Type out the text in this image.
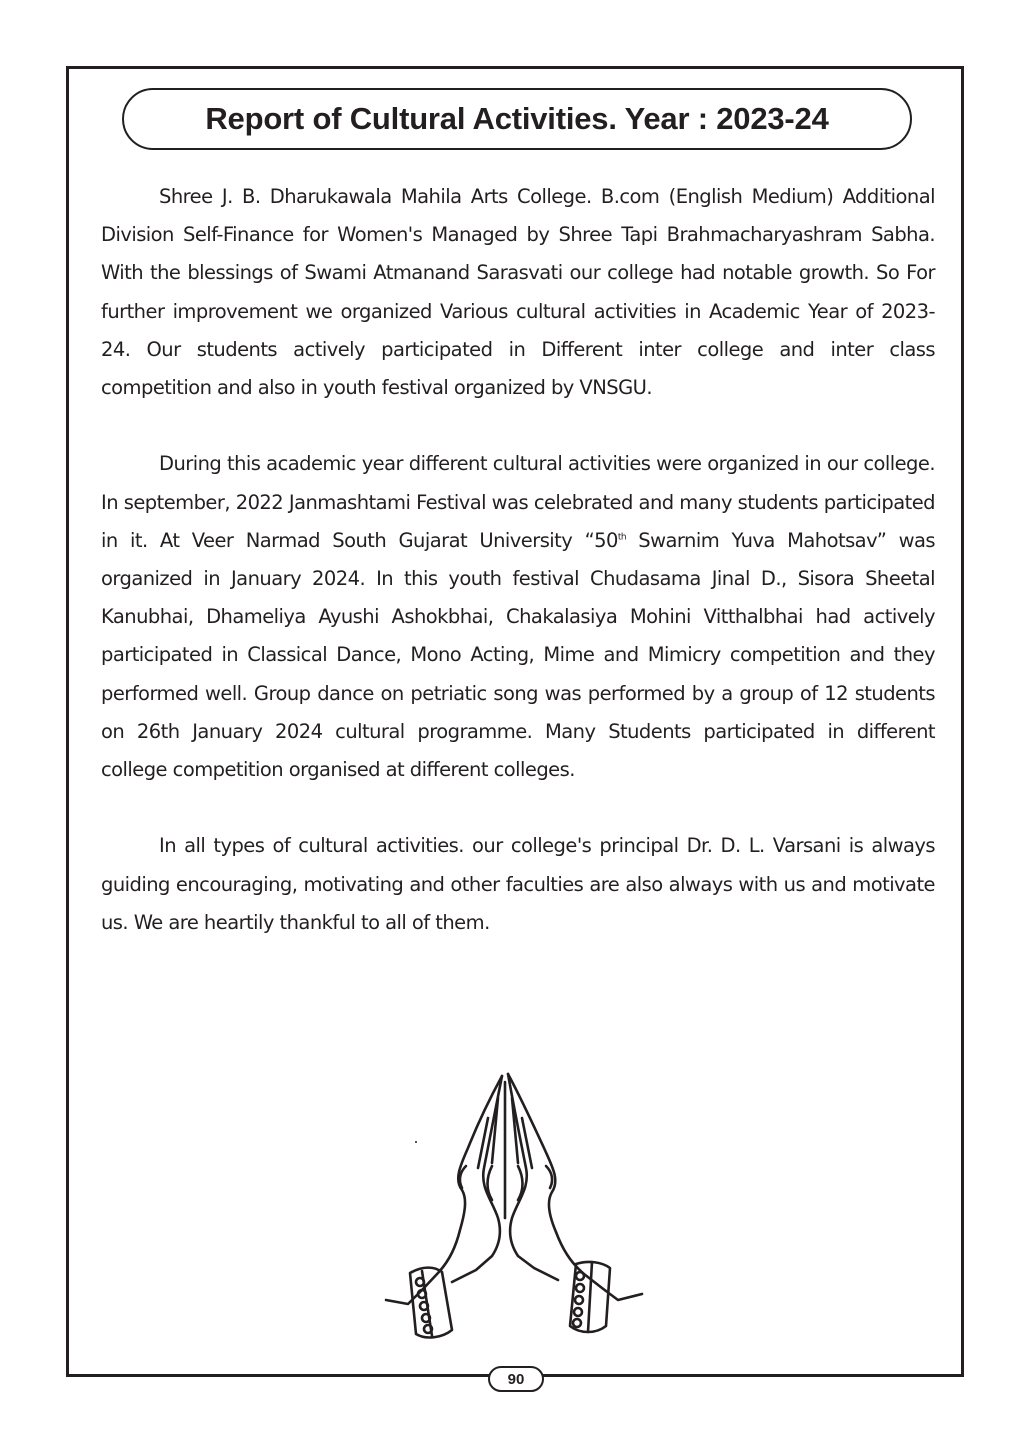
Report of Cultural Activities. Year : 2023-24

Shree J. B. Dharukawala Mahila Arts College. B.com (English Medium) Additional Division Self-Finance for Women's Managed by Shree Tapi Brahmacharyashram Sabha. With the blessings of Swami Atmanand Sarasvati our college had notable growth. So For further improvement we organized Various cultural activities in Academic Year of 2023-24. Our students actively participated in Different inter college and inter class competition and also in youth festival organized by VNSGU.

During this academic year different cultural activities were organized in our college. In september, 2022 Janmashtami Festival was celebrated and many students participated in it. At Veer Narmad South Gujarat University “50th Swarnim Yuva Mahotsav” was organized in January 2024. In this youth festival Chudasama Jinal D., Sisora Sheetal Kanubhai, Dhameliya Ayushi Ashokbhai, Chakalasiya Mohini Vitthalbhai had actively participated in Classical Dance, Mono Acting, Mime and Mimicry competition and they performed well. Group dance on petriatic song was performed by a group of 12 students on 26th January 2024 cultural programme. Many Students participated in different college competition organised at different colleges.

In all types of cultural activities. our college's principal Dr. D. L. Varsani is always guiding encouraging, motivating and other faculties are also always with us and motivate us. We are heartily thankful to all of them.

90
